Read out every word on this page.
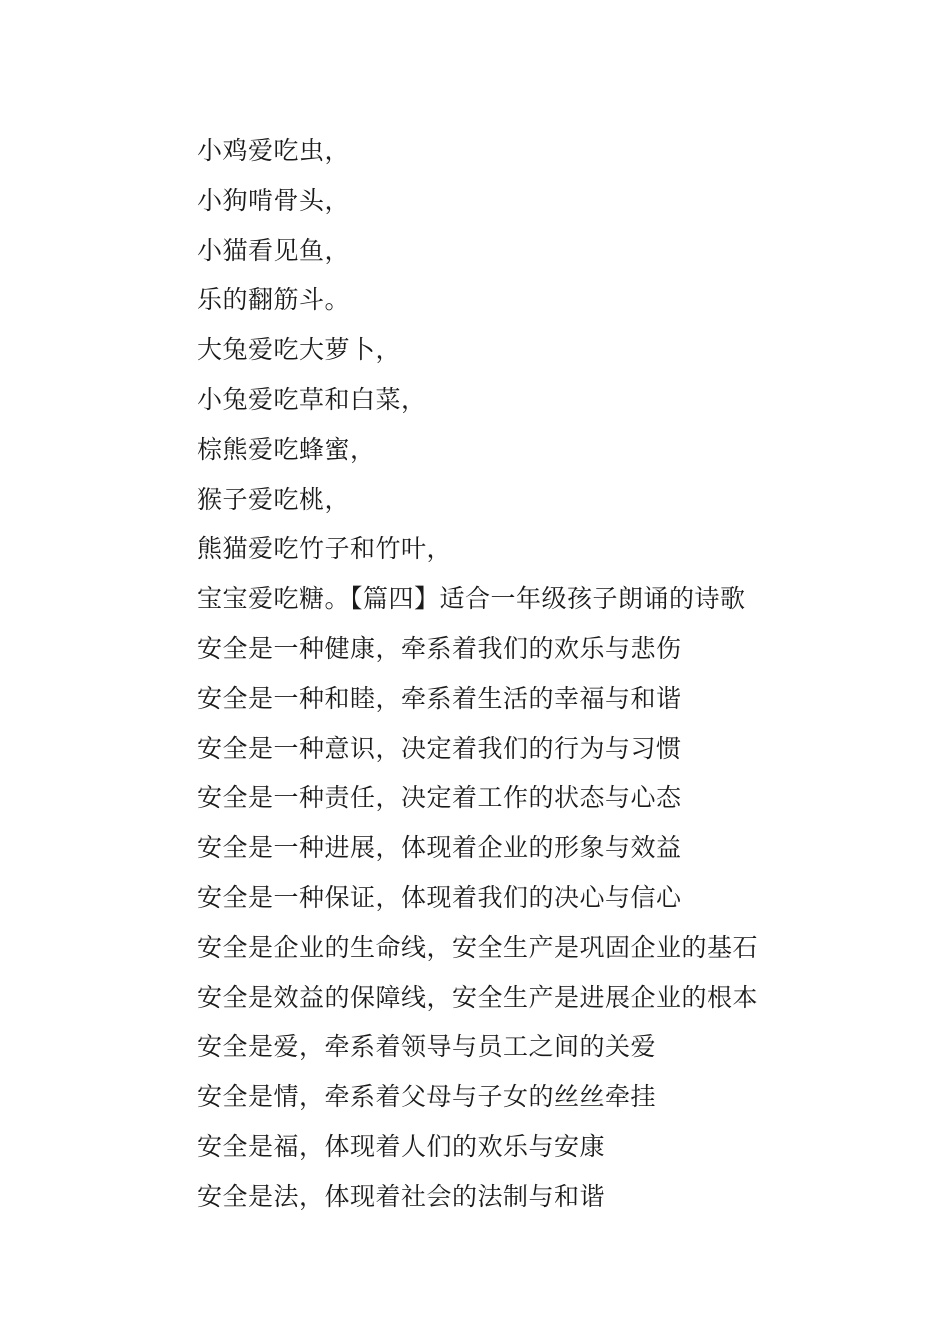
小鸡爱吃虫，
小狗啃骨头，
小猫看见鱼，
乐的翻筋斗。
大兔爱吃大萝卜，
小兔爱吃草和白菜，
棕熊爱吃蜂蜜，
猴子爱吃桃，
熊猫爱吃竹子和竹叶，
宝宝爱吃糖。【篇四】适合一年级孩子朗诵的诗歌
安全是一种健康，牵系着我们的欢乐与悲伤
安全是一种和睦，牵系着生活的幸福与和谐
安全是一种意识，决定着我们的行为与习惯
安全是一种责任，决定着工作的状态与心态
安全是一种进展，体现着企业的形象与效益
安全是一种保证，体现着我们的决心与信心
安全是企业的生命线，安全生产是巩固企业的基石
安全是效益的保障线，安全生产是进展企业的根本
安全是爱，牵系着领导与员工之间的关爱
安全是情，牵系着父母与子女的丝丝牵挂
安全是福，体现着人们的欢乐与安康
安全是法，体现着社会的法制与和谐
